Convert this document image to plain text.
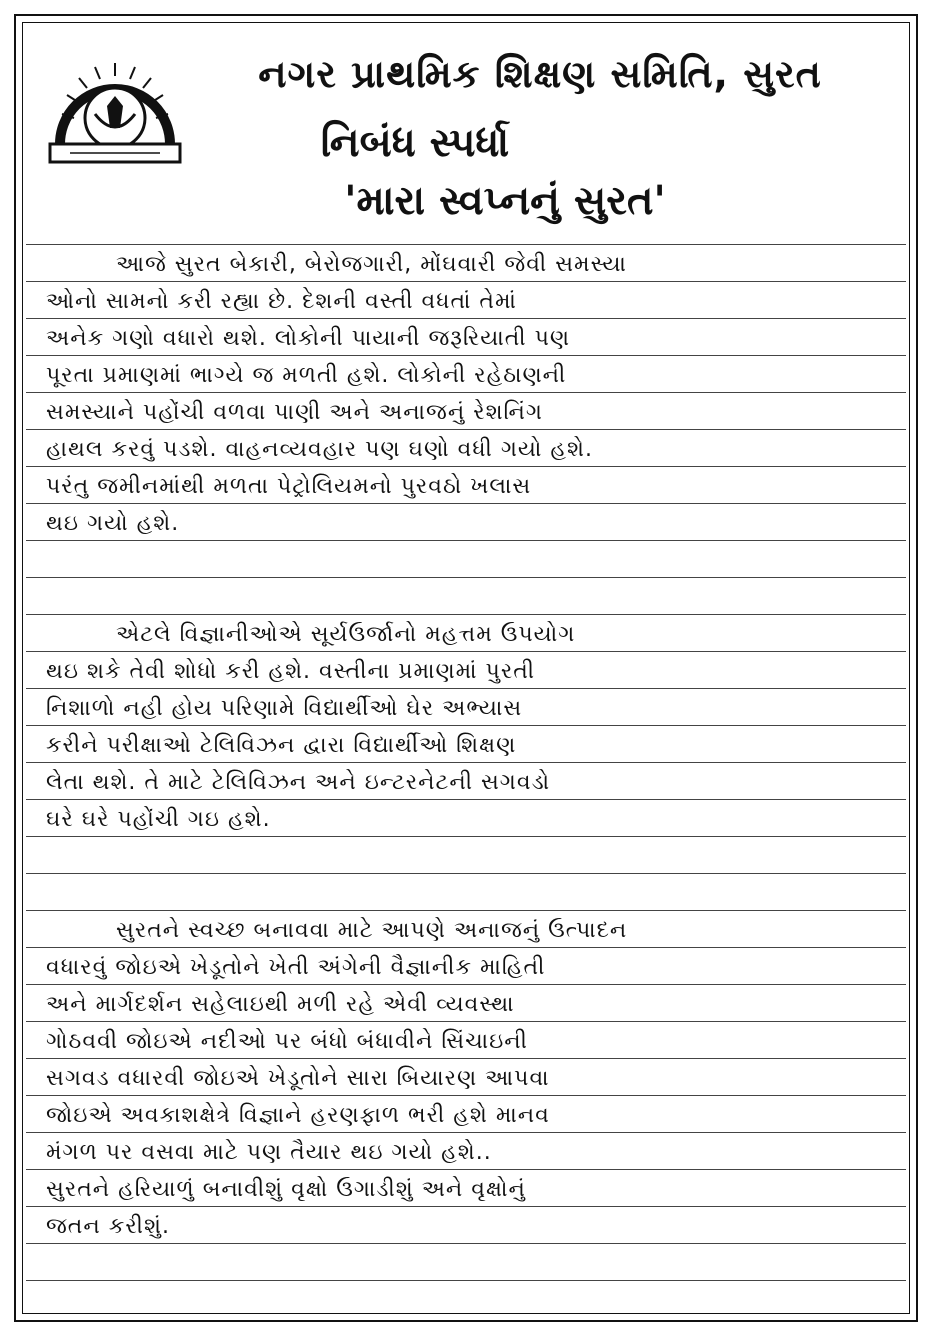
નગર પ્રાથમિક શિક્ષણ સમિતિ, સુરત
નિબંધ સ્પર્ધા
'મારા સ્વપ્નનું સુરત'
આજે સુરત બેકારી, બેરોજગારી, મોંઘવારી જેવી સમસ્યા
ઓનો સામનો કરી રહ્યા છે. દેશની વસ્તી વધતાં તેમાં
અનેક ગણો વધારો થશે. લોકોની પાયાની જરૂરિયાતી પણ
પૂરતા પ્રમાણમાં ભાગ્યે જ મળતી હશે. લોકોની રહેઠાણની
સમસ્યાને પહોંચી વળવા પાણી અને અનાજનું રેશનિંગ
હાથલ કરવું પડશે. વાહનવ્યવહાર પણ ઘણો વધી ગયો હશે.
પરંતુ જમીનમાંથી મળતા પેટ્રોલિયમનો પુરવઠો ખલાસ
થઇ ગયો હશે.
એટલે વિજ્ઞાનીઓએ સૂર્યઉર્જાનો મહત્તમ ઉપયોગ
થઇ શકે તેવી શોધો કરી હશે. વસ્તીના પ્રમાણમાં પુરતી
નિશાળો નહી હોય પરિણામે વિદ્યાર્થીઓ ઘેર અભ્યાસ
કરીને પરીક્ષાઓ ટેલિવિઝન દ્વારા વિદ્યાર્થીઓ શિક્ષણ
લેતા થશે. તે માટે ટેલિવિઝન અને ઇન્ટરનેટની સગવડો
ઘરે ઘરે પહોંચી ગઇ હશે.
સુરતને સ્વચ્છ બનાવવા માટે આપણે અનાજનું ઉત્પાદન
વધારવું જોઇએ ખેડૂતોને ખેતી અંગેની વૈજ્ઞાનીક માહિતી
અને માર્ગદર્શન સહેલાઇથી મળી રહે એવી વ્યવસ્થા
ગોઠવવી જોઇએ નદીઓ પર બંધો બંધાવીને સિંચાઇની
સગવડ વધારવી જોઇએ ખેડૂતોને સારા બિયારણ આપવા
જોઇએ અવકાશક્ષેત્રે વિજ્ઞાને હરણફાળ ભરી હશે માનવ
મંગળ પર વસવા માટે પણ તૈયાર થઇ ગયો હશે..
સુરતને હરિયાળું બનાવીશું વૃક્ષો ઉગાડીશું અને વૃક્ષોનું
જતન કરીશું.
